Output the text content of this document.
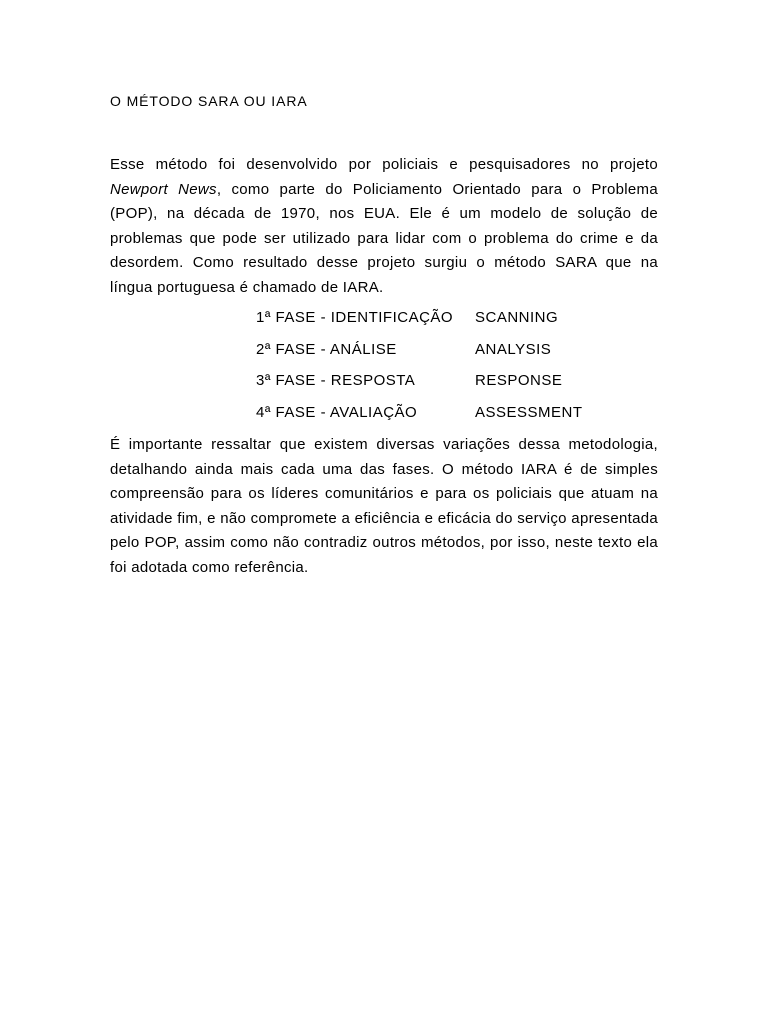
O MÉTODO SARA OU IARA

Esse método foi desenvolvido por policiais e pesquisadores no projeto Newport News, como parte do Policiamento Orientado para o Problema (POP), na década de 1970, nos EUA. Ele é um modelo de solução de problemas que pode ser utilizado para lidar com o problema do crime e da desordem. Como resultado desse projeto surgiu o método SARA que na língua portuguesa é chamado de IARA.

1ª FASE - IDENTIFICAÇÃO SCANNING
2ª FASE - ANÁLISE	ANALYSIS
3ª FASE - RESPOSTA	RESPONSE
4ª FASE - AVALIAÇÃO	ASSESSMENT

É importante ressaltar que existem diversas variações dessa metodologia, detalhando ainda mais cada uma das fases. O método IARA é de simples compreensão para os líderes comunitários e para os policiais que atuam na atividade fim, e não compromete a eficiência e eficácia do serviço apresentada pelo POP, assim como não contradiz outros métodos, por isso, neste texto ela foi adotada como referência.
